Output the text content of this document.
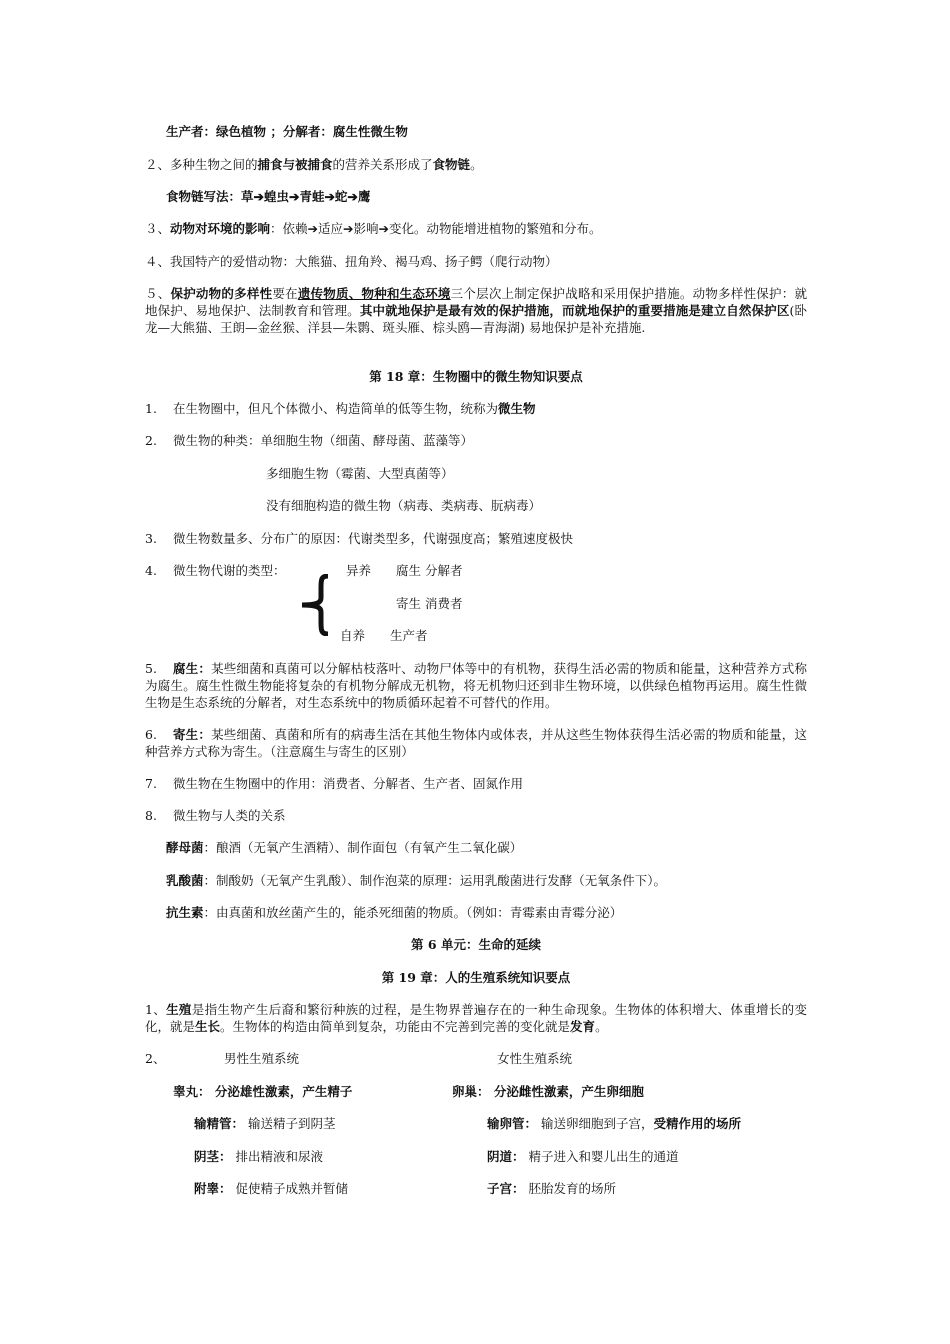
生产者：绿色植物 ；分解者：腐生性微生物
２、多种生物之间的捕食与被捕食的营养关系形成了食物链。
食物链写法：草➔蝗虫➔青蛙➔蛇➔鹰
３、动物对环境的影响：依赖➔适应➔影响➔变化。动物能增进植物的繁殖和分布。
４、我国特产的爱惜动物：大熊猫、扭角羚、褐马鸡、扬子鳄（爬行动物）
５、保护动物的多样性要在遗传物质、物种和生态环境三个层次上制定保护战略和采用保护措施。动物多样性保护：就地保护、易地保护、法制教育和管理。其中就地保护是最有效的保护措施，而就地保护的重要措施是建立自然保护区(卧龙—大熊猫、王朗—金丝猴、洋县—朱鹮、斑头雁、棕头鸥—青海湖) 易地保护是补充措施.
第 18 章：生物圈中的微生物知识要点
1. 在生物圈中，但凡个体微小、构造简单的低等生物，统称为微生物
2. 微生物的种类：单细胞生物（细菌、酵母菌、蓝藻等）
多细胞生物（霉菌、大型真菌等）
没有细胞构造的微生物（病毒、类病毒、朊病毒）
3. 微生物数量多、分布广的原因：代谢类型多，代谢强度高；繁殖速度极快
4. 微生物代谢的类型：	异养　　腐生 分解者
寄生 消费者
自养　　生产者
5.	腐生：某些细菌和真菌可以分解枯枝落叶、动物尸体等中的有机物，获得生活必需的物质和能量，这种营养方式称为腐生。腐生性微生物能将复杂的有机物分解成无机物，将无机物归还到非生物环境，以供绿色植物再运用。腐生性微生物是生态系统的分解者，对生态系统中的物质循环起着不可替代的作用。
6.	寄生：某些细菌、真菌和所有的病毒生活在其他生物体内或体表，并从这些生物体获得生活必需的物质和能量，这种营养方式称为寄生。（注意腐生与寄生的区别）
7. 微生物在生物圈中的作用：消费者、分解者、生产者、固氮作用
8. 微生物与人类的关系
酵母菌：酿酒（无氧产生酒精）、制作面包（有氧产生二氧化碳）
乳酸菌：制酸奶（无氧产生乳酸）、制作泡菜的原理：运用乳酸菌进行发酵（无氧条件下）。
抗生素：由真菌和放丝菌产生的，能杀死细菌的物质。（例如：青霉素由青霉分泌）
第 6 单元：生命的延续
第 19 章：人的生殖系统知识要点
1、生殖是指生物产生后裔和繁衍种族的过程，是生物界普遍存在的一种生命现象。生物体的体积增大、体重增长的变化，就是生长。生物体的构造由简单到复杂，功能由不完善到完善的变化就是发育。
2、	男性生殖系统	女性生殖系统
睾丸： 分泌雄性激素，产生精子	卵巢： 分泌雌性激素，产生卵细胞
输精管： 输送精子到阴茎	输卵管： 输送卵细胞到子宫，受精作用的场所
阴茎： 排出精液和尿液	阴道： 精子进入和婴儿出生的通道
附睾： 促使精子成熟并暂储	子宫： 胚胎发育的场所
